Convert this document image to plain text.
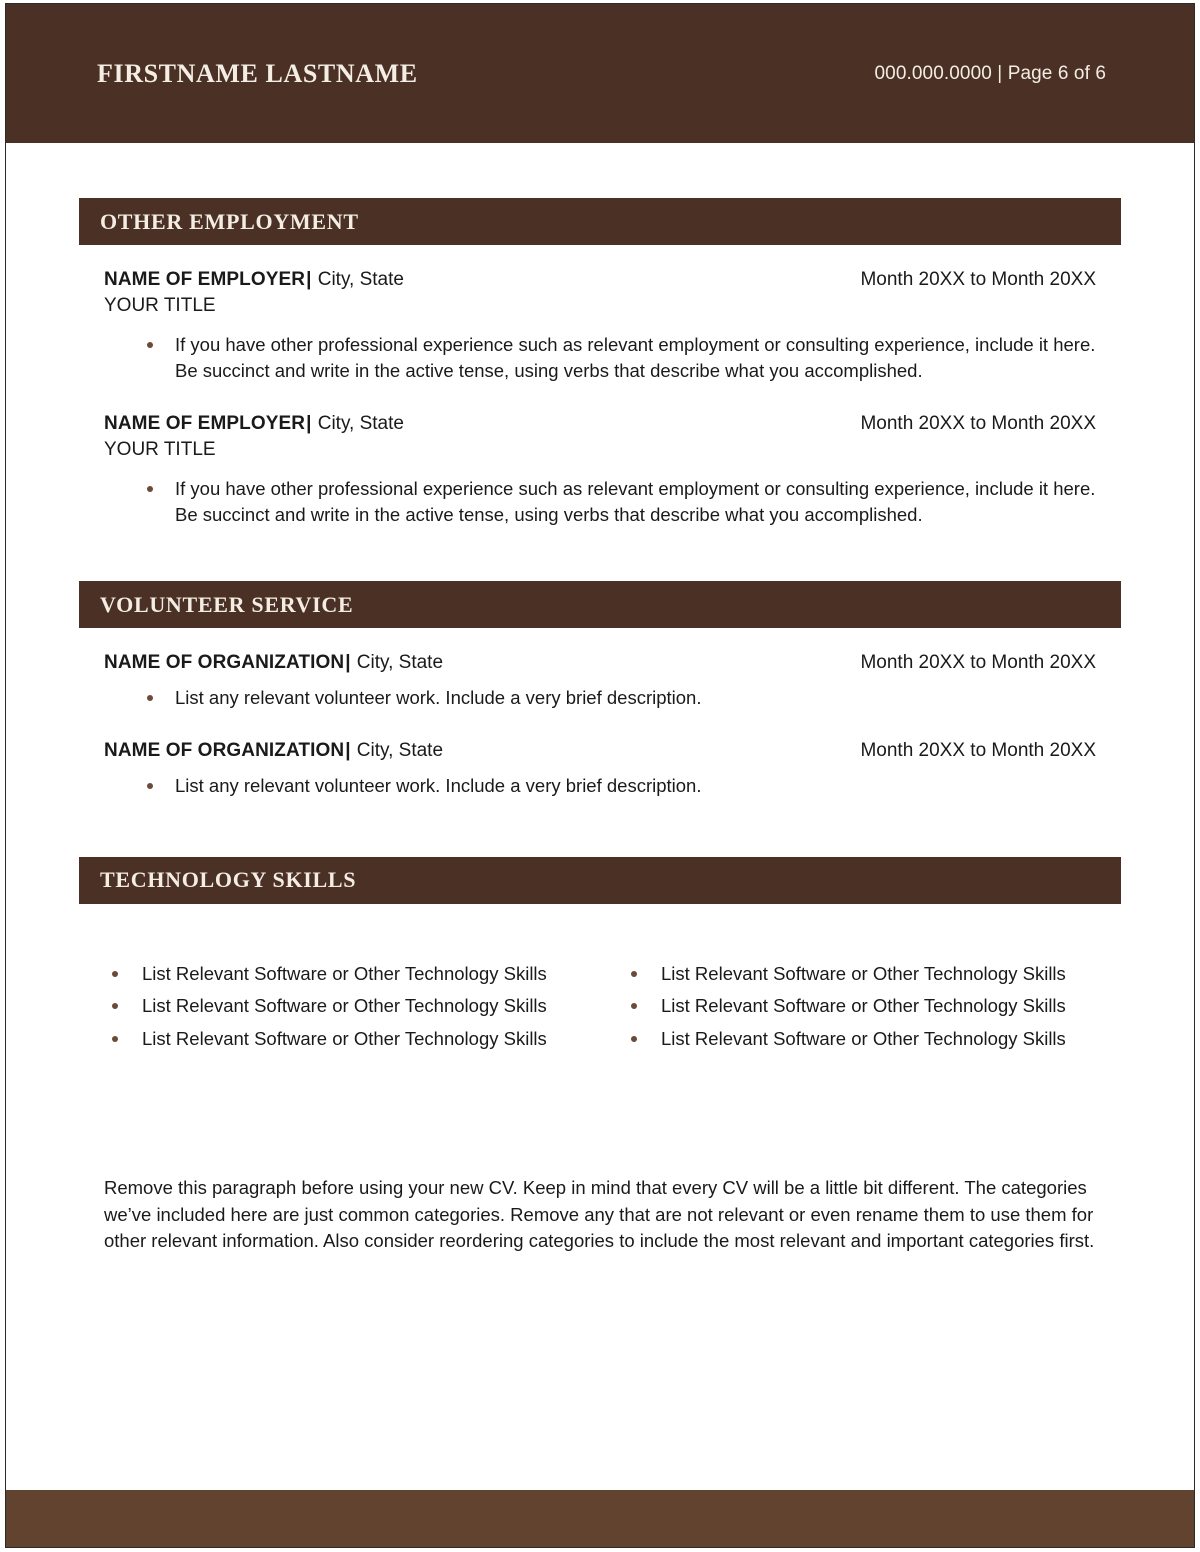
FIRSTNAME LASTNAME	000.000.0000 | Page 6 of 6
OTHER EMPLOYMENT
NAME OF EMPLOYER| City, State	Month 20XX to Month 20XX
YOUR TITLE
If you have other professional experience such as relevant employment or consulting experience, include it here. Be succinct and write in the active tense, using verbs that describe what you accomplished.
NAME OF EMPLOYER| City, State	Month 20XX to Month 20XX
YOUR TITLE
If you have other professional experience such as relevant employment or consulting experience, include it here. Be succinct and write in the active tense, using verbs that describe what you accomplished.
VOLUNTEER SERVICE
NAME OF ORGANIZATION| City, State	Month 20XX to Month 20XX
List any relevant volunteer work. Include a very brief description.
NAME OF ORGANIZATION| City, State	Month 20XX to Month 20XX
List any relevant volunteer work. Include a very brief description.
TECHNOLOGY SKILLS
List Relevant Software or Other Technology Skills
List Relevant Software or Other Technology Skills
List Relevant Software or Other Technology Skills
List Relevant Software or Other Technology Skills
List Relevant Software or Other Technology Skills
List Relevant Software or Other Technology Skills
Remove this paragraph before using your new CV. Keep in mind that every CV will be a little bit different. The categories we’ve included here are just common categories. Remove any that are not relevant or even rename them to use them for other relevant information. Also consider reordering categories to include the most relevant and important categories first.
